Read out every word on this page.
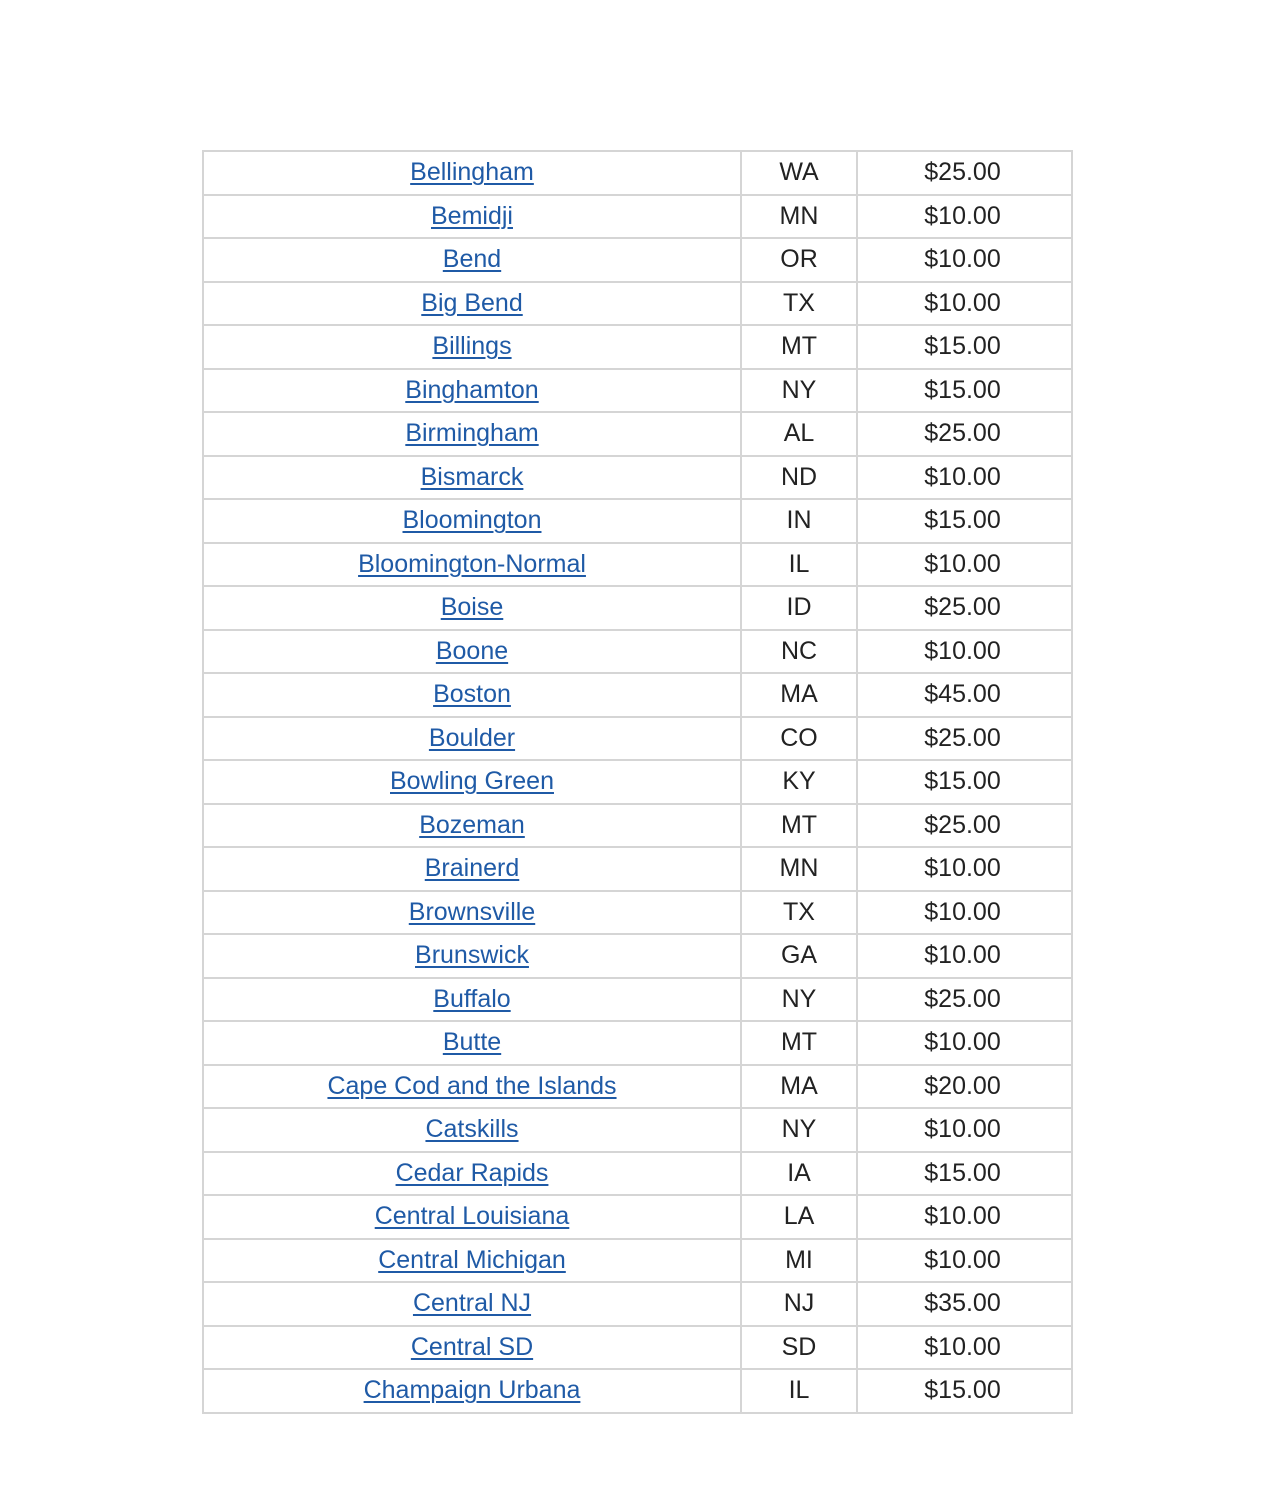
Bellingham	WA	$25.00
Bemidji	MN	$10.00
Bend	OR	$10.00
Big Bend	TX	$10.00
Billings	MT	$15.00
Binghamton	NY	$15.00
Birmingham	AL	$25.00
Bismarck	ND	$10.00
Bloomington	IN	$15.00
Bloomington-Normal	IL	$10.00
Boise	ID	$25.00
Boone	NC	$10.00
Boston	MA	$45.00
Boulder	CO	$25.00
Bowling Green	KY	$15.00
Bozeman	MT	$25.00
Brainerd	MN	$10.00
Brownsville	TX	$10.00
Brunswick	GA	$10.00
Buffalo	NY	$25.00
Butte	MT	$10.00
Cape Cod and the Islands	MA	$20.00
Catskills	NY	$10.00
Cedar Rapids	IA	$15.00
Central Louisiana	LA	$10.00
Central Michigan	MI	$10.00
Central NJ	NJ	$35.00
Central SD	SD	$10.00
Champaign Urbana	IL	$15.00
